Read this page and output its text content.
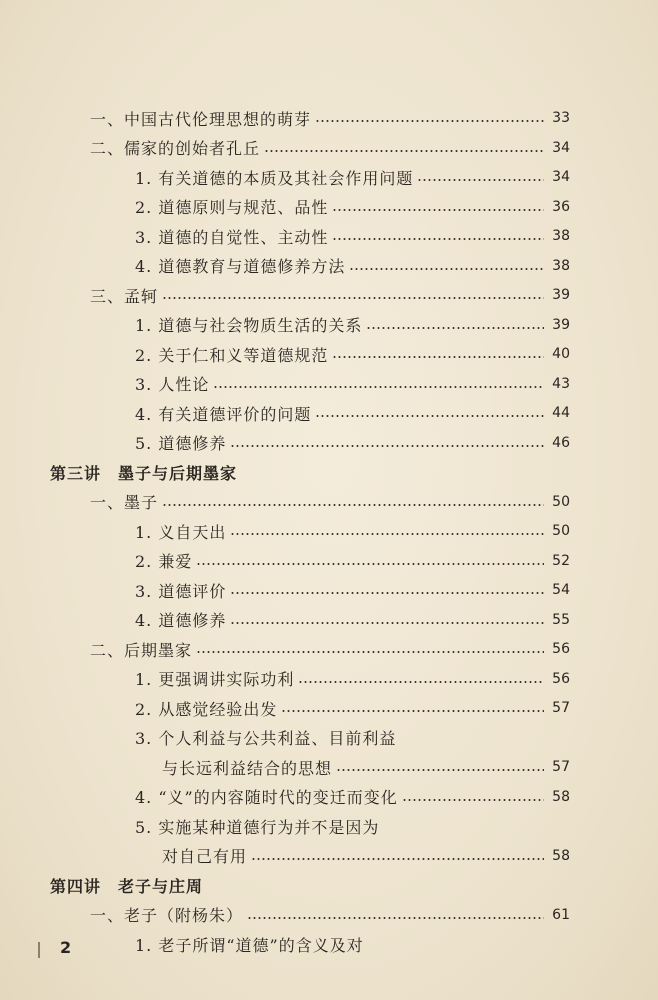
一、中国古代伦理思想的萌芽	33
二、儒家的创始者孔丘	34
1. 有关道德的本质及其社会作用问题	34
2. 道德原则与规范、品性	36
3. 道德的自觉性、主动性	38
4. 道德教育与道德修养方法	38
三、孟轲	39
1. 道德与社会物质生活的关系	39
2. 关于仁和义等道德规范	40
3. 人性论	43
4. 有关道德评价的问题	44
5. 道德修养	46
第三讲　墨子与后期墨家
一、墨子	50
1. 义自天出	50
2. 兼爱	52
3. 道德评价	54
4. 道德修养	55
二、后期墨家	56
1. 更强调讲实际功利	56
2. 从感觉经验出发	57
3. 个人利益与公共利益、目前利益
与长远利益结合的思想	57
4. “义”的内容随时代的变迁而变化	58
5. 实施某种道德行为并不是因为
对自己有用	58
第四讲　老子与庄周
一、老子（附杨朱）	61
1. 老子所谓“道德”的含义及对
2
